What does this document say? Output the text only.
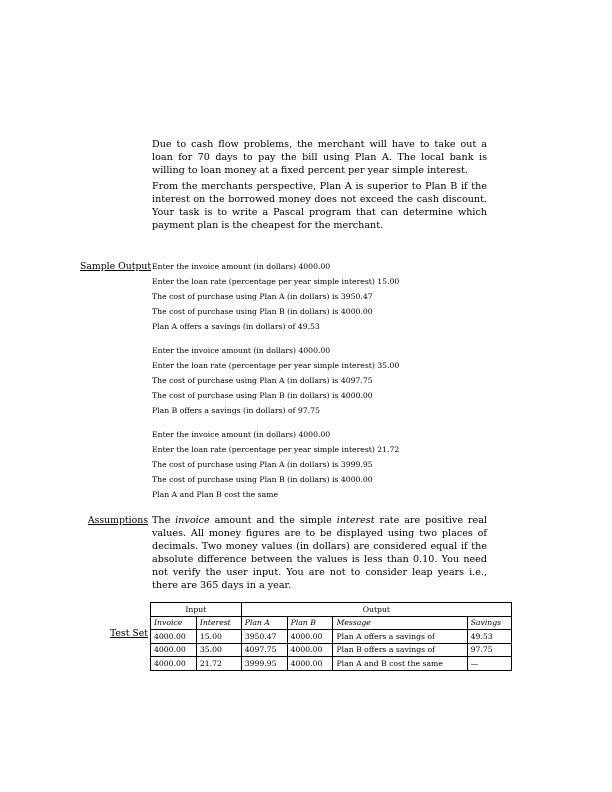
Due to cash flow problems, the merchant will have to take out a loan for 70 days to pay the bill using Plan A. The local bank is willing to loan money at a fixed percent per year simple interest.

From the merchants perspective, Plan A is superior to Plan B if the interest on the borrowed money does not exceed the cash discount. Your task is to write a Pascal program that can determine which payment plan is the cheapest for the merchant.

Sample Output Enter the invoice amount (in dollars) 4000.00
Enter the loan rate (percentage per year simple interest) 15.00
The cost of purchase using Plan A (in dollars) is 3950.47
The cost of purchase using Plan B (in dollars) is 4000.00
Plan A offers a savings (in dollars) of 49.53
Enter the invoice amount (in dollars) 4000.00
Enter the loan rate (percentage per year simple interest) 35.00
The cost of purchase using Plan A (in dollars) is 4097.75
The cost of purchase using Plan B (in dollars) is 4000.00
Plan B offers a savings (in dollars) of 97.75
Enter the invoice amount (in dollars) 4000.00
Enter the loan rate (percentage per year simple interest) 21.72
The cost of purchase using Plan A (in dollars) is 3999.95
The cost of purchase using Plan B (in dollars) is 4000.00
Plan A and Plan B cost the same
Assumptions The invoice amount and the simple interest rate are positive real values. All money figures are to be displayed using two places of decimals. Two money values (in dollars) are considered equal if the absolute difference between the values is less than 0.10. You need not verify the user input. You are not to consider leap years i.e., there are 365 days in a year.

Test Set
Input		Output			
Invoice	Interest	Plan A	Plan B	Message	Savings
4000.00	15.00	3950.47	4000.00	Plan A offers a savings of	49.53
4000.00	35.00	4097.75	4000.00	Plan B offers a savings of	97.75
4000.00	21.72	3999.95	4000.00	Plan A and B cost the same	—
